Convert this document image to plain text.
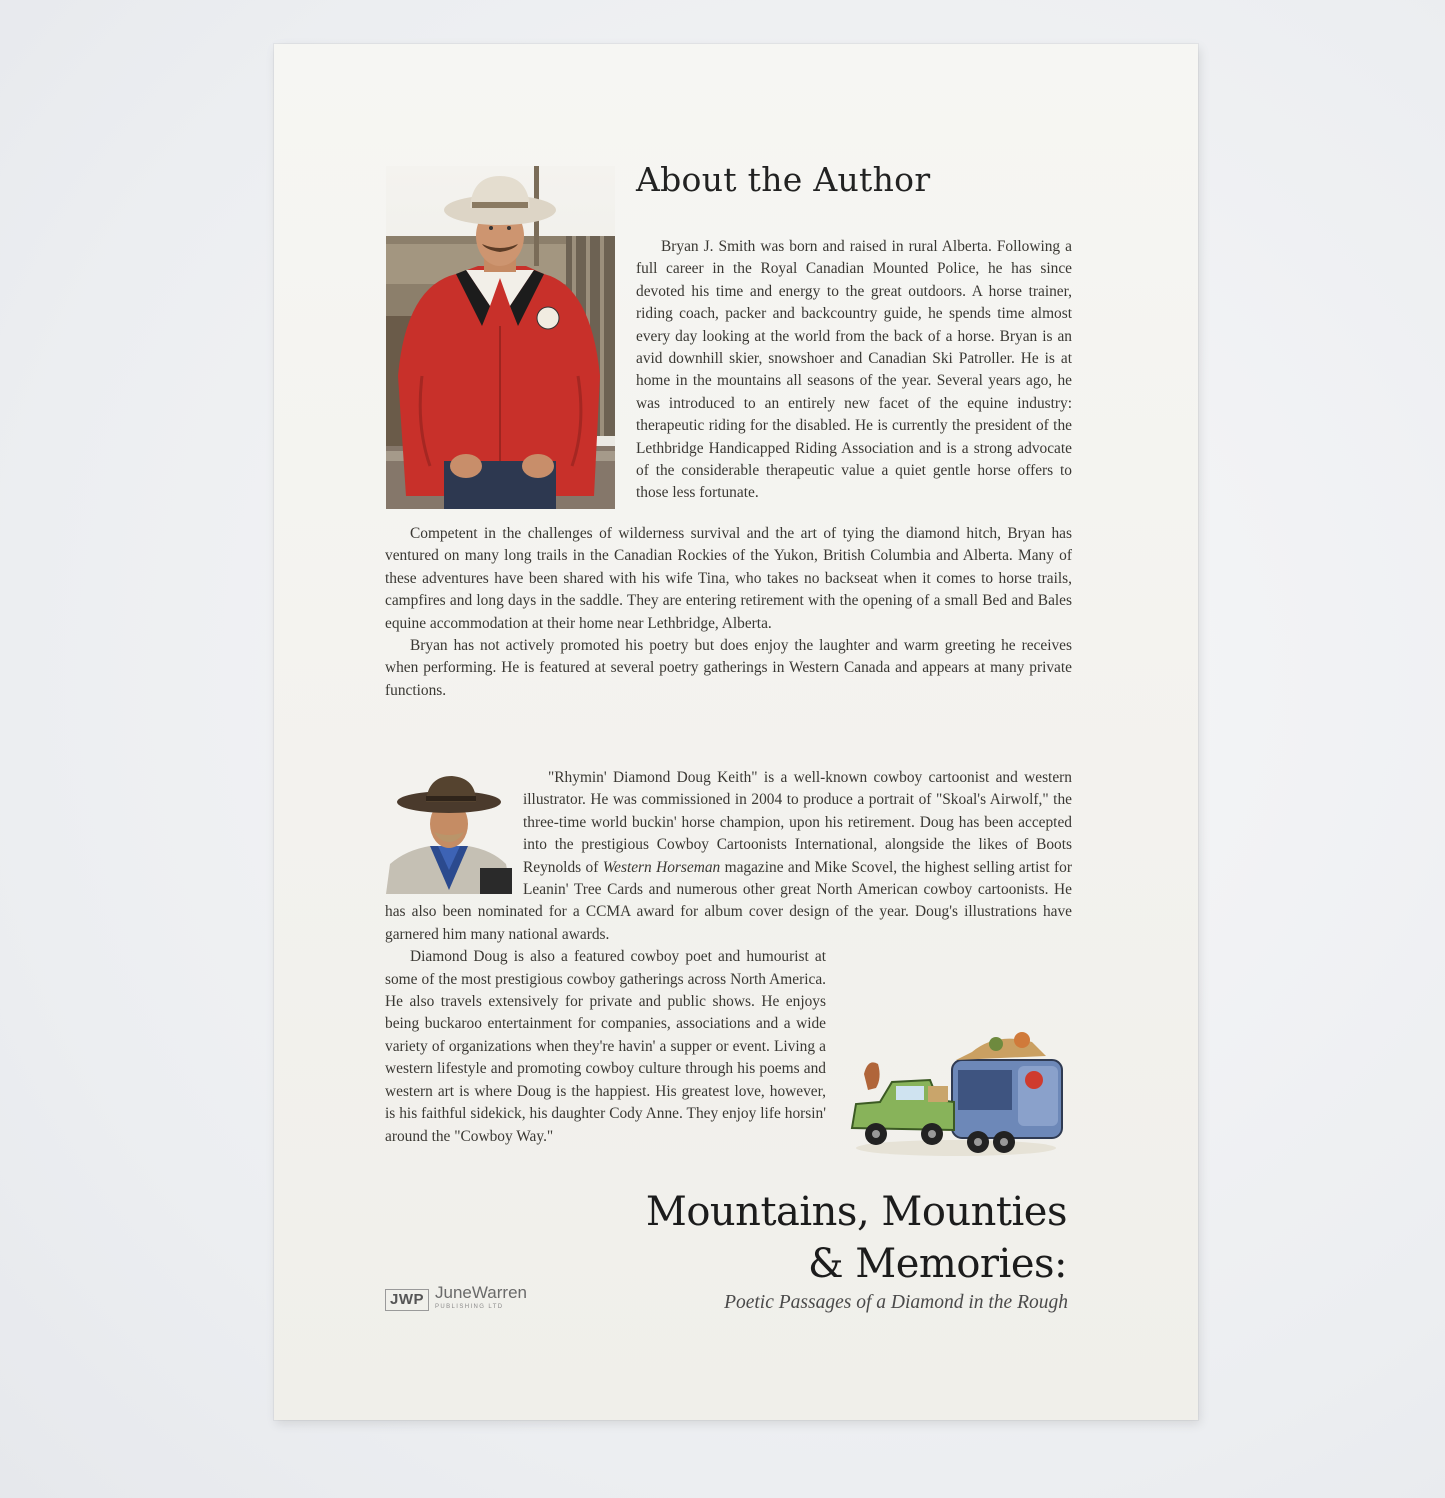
About the Author

Bryan J. Smith was born and raised in rural Alberta. Following a full career in the Royal Canadian Mounted Police, he has since devoted his time and energy to the great outdoors. A horse trainer, riding coach, packer and backcountry guide, he spends time almost every day looking at the world from the back of a horse. Bryan is an avid downhill skier, snowshoer and Canadian Ski Patroller. He is at home in the mountains all seasons of the year. Several years ago, he was introduced to an entirely new facet of the equine industry: therapeutic riding for the disabled. He is currently the president of the Lethbridge Handicapped Riding Association and is a strong advocate of the considerable therapeutic value a quiet gentle horse offers to those less fortunate.

Competent in the challenges of wilderness survival and the art of tying the diamond hitch, Bryan has ventured on many long trails in the Canadian Rockies of the Yukon, British Columbia and Alberta. Many of these adventures have been shared with his wife Tina, who takes no backseat when it comes to horse trails, campfires and long days in the saddle. They are entering retirement with the opening of a small Bed and Bales equine accommodation at their home near Lethbridge, Alberta.

Bryan has not actively promoted his poetry but does enjoy the laughter and warm greeting he receives when performing. He is featured at several poetry gatherings in Western Canada and appears at many private functions.

"Rhymin' Diamond Doug Keith" is a well-known cowboy cartoonist and western illustrator. He was commissioned in 2004 to produce a portrait of "Skoal's Airwolf," the three-time world buckin' horse champion, upon his retirement. Doug has been accepted into the prestigious Cowboy Cartoonists International, alongside the likes of Boots Reynolds of Western Horseman magazine and Mike Scovel, the highest selling artist for Leanin' Tree Cards and numerous other great North American cowboy cartoonists. He has also been nominated for a CCMA award for album cover design of the year. Doug's illustrations have garnered him many national awards.

Diamond Doug is also a featured cowboy poet and humourist at some of the most prestigious cowboy gatherings across North America. He also travels extensively for private and public shows. He enjoys being buckaroo entertainment for companies, associations and a wide variety of organizations when they're havin' a supper or event. Living a western lifestyle and promoting cowboy culture through his poems and western art is where Doug is the happiest. His greatest love, however, is his faithful sidekick, his daughter Cody Anne. They enjoy life horsin' around the "Cowboy Way."

Mountains, Mounties
& Memories:
Poetic Passages of a Diamond in the Rough
JWP JuneWarren
PUBLISHING LTD
